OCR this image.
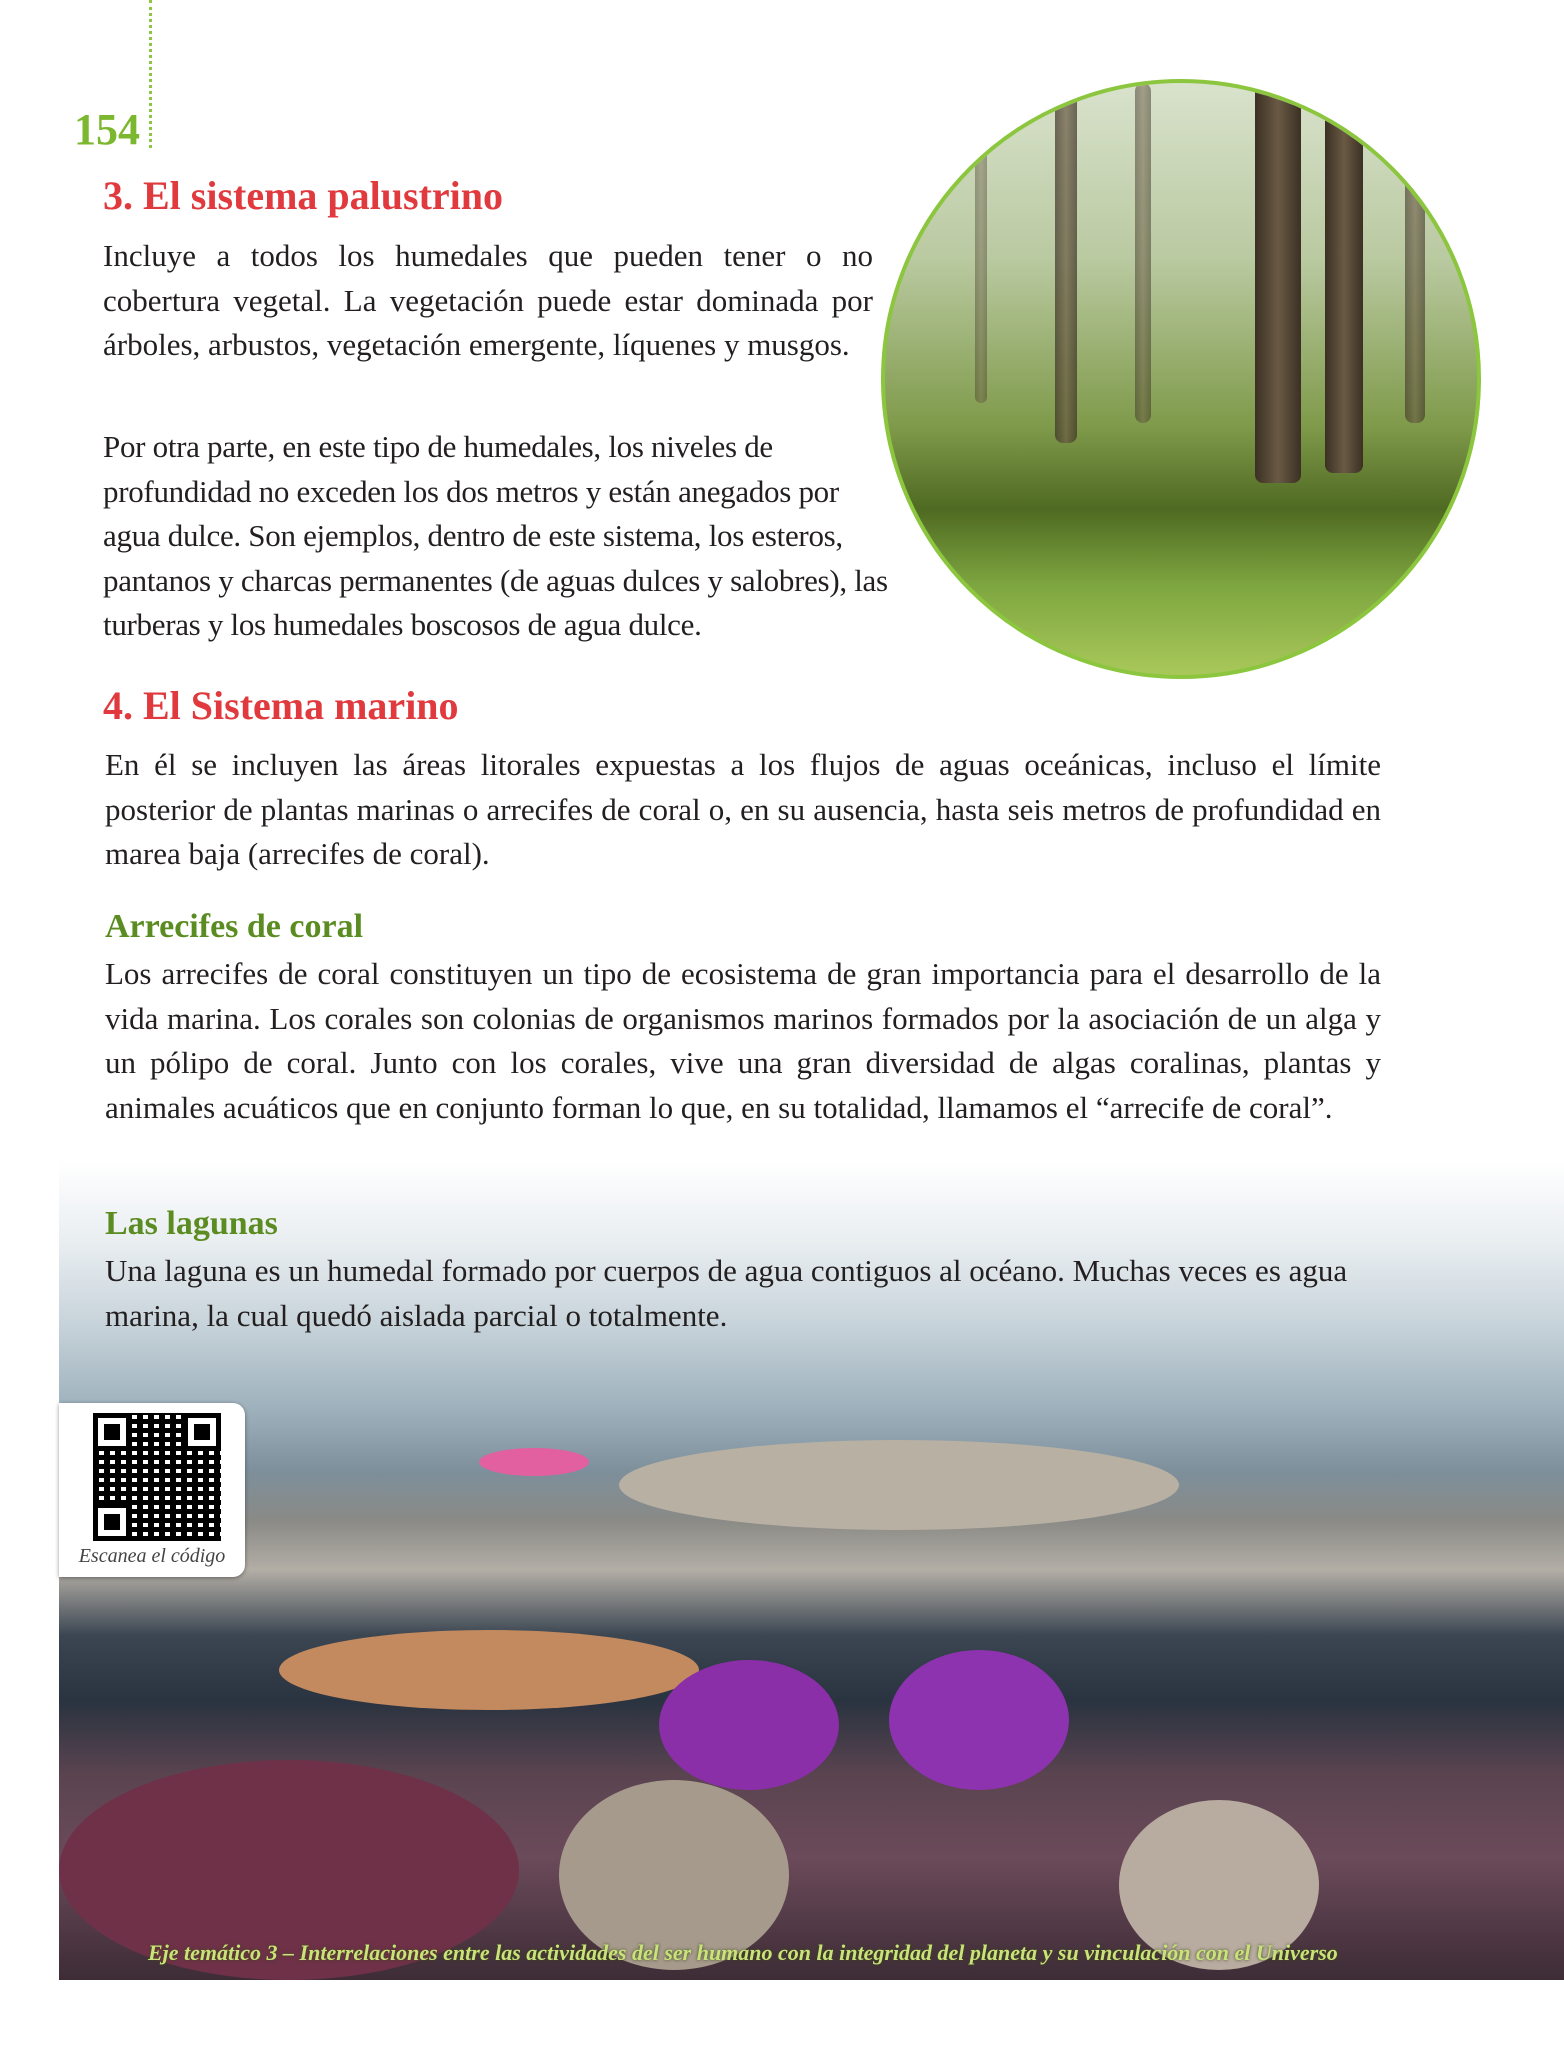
154
3. El sistema palustrino

Incluye a todos los humedales que pueden tener o no cobertura vegetal. La vegetación puede estar dominada por árboles, arbustos, vegetación emergente, líquenes y musgos.

Por otra parte, en este tipo de humedales, los niveles de profundidad no exceden los dos metros y están anegados por agua dulce. Son ejemplos, dentro de este sistema, los esteros, pantanos y charcas permanentes (de aguas dulces y salobres), las turberas y los humedales boscosos de agua dulce.

4. El Sistema marino

En él se incluyen las áreas litorales expuestas a los flujos de aguas oceánicas, incluso el límite posterior de plantas marinas o arrecifes de coral o, en su ausencia, hasta seis metros de profundidad en marea baja (arrecifes de coral).

Arrecifes de coral

Los arrecifes de coral constituyen un tipo de ecosistema de gran importancia para el desarrollo de la vida marina. Los corales son colonias de organismos marinos formados por la asociación de un alga y un pólipo de coral. Junto con los corales, vive una gran diversidad de algas coralinas, plantas y animales acuáticos que en conjunto forman lo que, en su totalidad, llamamos el “arrecife de coral”.

Las lagunas

Una laguna es un humedal formado por cuerpos de agua contiguos al océano. Muchas veces es agua marina, la cual quedó aislada parcial o totalmente.

Escanea el código
Eje temático 3 – Interrelaciones entre las actividades del ser humano con la integridad del planeta y su vinculación con el Universo
